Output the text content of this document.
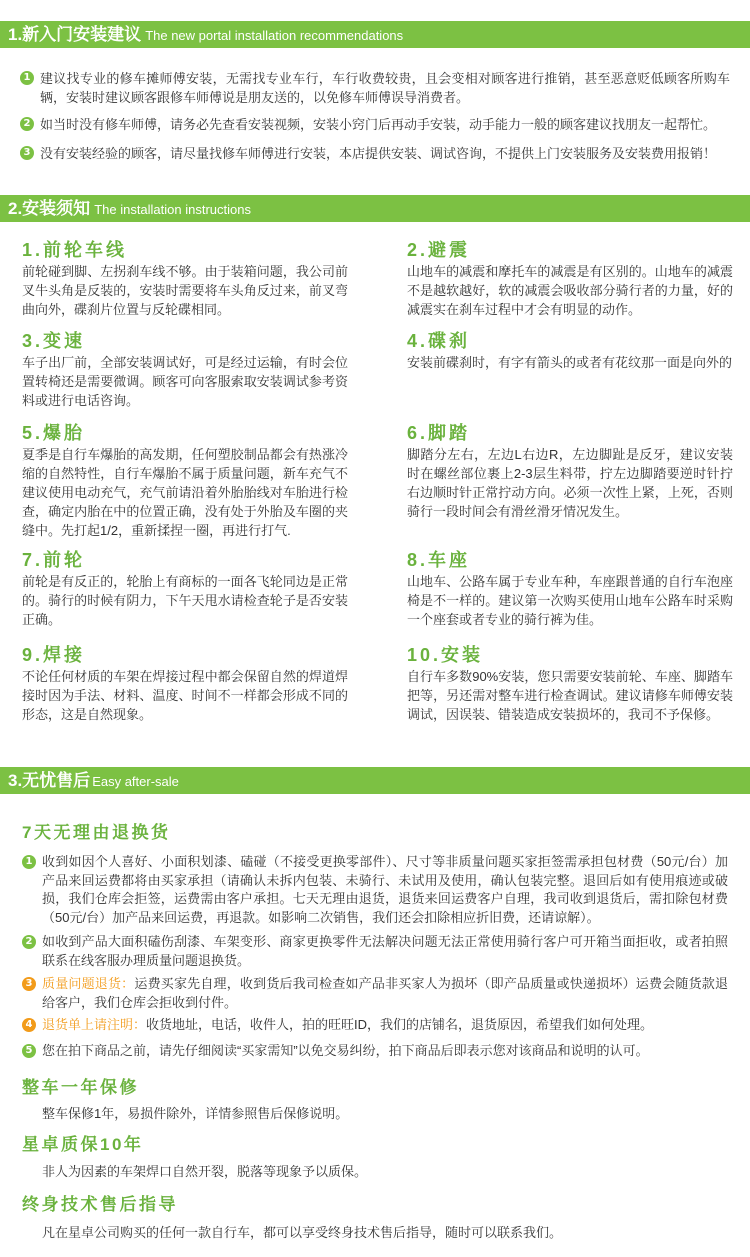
1.新入门安装建议 The new portal installation recommendations
1 建议找专业的修车摊师傅安装，无需找专业车行，车行收费较贵，且会变相对顾客进行推销，甚至恶意贬低顾客所购车辆，安装时建议顾客跟修车师傅说是朋友送的，以免修车师傅误导消费者。
2 如当时没有修车师傅，请务必先查看安装视频，安装小窍门后再动手安装，动手能力一般的顾客建议找朋友一起帮忙。
3 没有安装经验的顾客，请尽量找修车师傅进行安装，本店提供安装、调试咨询，不提供上门安装服务及安装费用报销！
2.安装须知 The installation instructions
1.前轮车线
前轮碰到脚、左拐刹车线不够。由于装箱问题，我公司前叉牛头角是反装的，安装时需要将车头角反过来，前叉弯曲向外，碟刹片位置与反轮碟相同。
2.避震
山地车的减震和摩托车的减震是有区别的。山地车的减震不是越软越好，软的减震会吸收部分骑行者的力量，好的减震实在刹车过程中才会有明显的动作。
3.变速
车子出厂前，全部安装调试好，可是经过运输，有时会位置转椅还是需要微调。顾客可向客服索取安装调试参考资料或进行电话咨询。
4.碟刹
安装前碟刹时，有字有箭头的或者有花纹那一面是向外的
5.爆胎
夏季是自行车爆胎的高发期，任何塑胶制品都会有热涨冷缩的自然特性，自行车爆胎不属于质量问题，新车充气不建议使用电动充气，充气前请沿着外胎胎线对车胎进行检查，确定内胎在中的位置正确，没有处于外胎及车圈的夹缝中。先打起1/2，重新揉捏一圈，再进行打气.
6.脚踏
脚踏分左右，左边L右边R，左边脚趾是反牙，建议安装时在螺丝部位裹上2-3层生料带，拧左边脚踏要逆时针拧右边顺时针正常拧动方向。必须一次性上紧，上死，否则骑行一段时间会有滑丝滑牙情况发生。
7.前轮
前轮是有反正的，轮胎上有商标的一面各飞轮同边是正常的。骑行的时候有阴力，下午天甩水请检查轮子是否安装正确。
8.车座
山地车、公路车属于专业车种，车座跟普通的自行车泡座椅是不一样的。建议第一次购买使用山地车公路车时采购一个座套或者专业的骑行裤为佳。
9.焊接
不论任何材质的车架在焊接过程中都会保留自然的焊道焊接时因为手法、材料、温度、时间不一样都会形成不同的形态，这是自然现象。
10.安装
自行车多数90%安装，您只需要安装前轮、车座、脚踏车把等，另还需对整车进行检查调试。建议请修车师傅安装调试，因误装、错装造成安装损坏的，我司不予保修。
3.无忧售后 Easy after-sale
7天无理由退换货
1 收到如因个人喜好、小面积划漆、磕碰（不接受更换零部件）、尺寸等非质量问题买家拒签需承担包材费（50元/台）加产品来回运费都将由买家承担（请确认未拆内包装、未骑行、未试用及使用，确认包装完整。退回后如有使用痕迹或破损，我们仓库会拒签，运费需由客户承担。七天无理由退货，退货来回运费客户自理，我司收到退货后，需扣除包材费（50元/台）加产品来回运费，再退款。如影响二次销售，我们还会扣除相应折旧费，还请谅解）。
2 如收到产品大面积磕伤刮漆、车架变形、商家更换零件无法解决问题无法正常使用骑行客户可开箱当面拒收，或者拍照联系在线客服办理质量问题退换货。
3 质量问题退货：运费买家先自理，收到货后我司检查如产品非买家人为损坏（即产品质量或快递损坏）运费会随货款退给客户，我们仓库会拒收到付件。
4 退货单上请注明：收货地址，电话，收件人，拍的旺旺ID，我们的店铺名，退货原因，希望我们如何处理。
5 您在拍下商品之前，请先仔细阅读“买家需知”以免交易纠纷，拍下商品后即表示您对该商品和说明的认可。
整车一年保修
整车保修1年，易损件除外，详情参照售后保修说明。
星卓质保10年
非人为因素的车架焊口自然开裂，脱落等现象予以质保。
终身技术售后指导
凡在星卓公司购买的任何一款自行车，都可以享受终身技术售后指导，随时可以联系我们。
